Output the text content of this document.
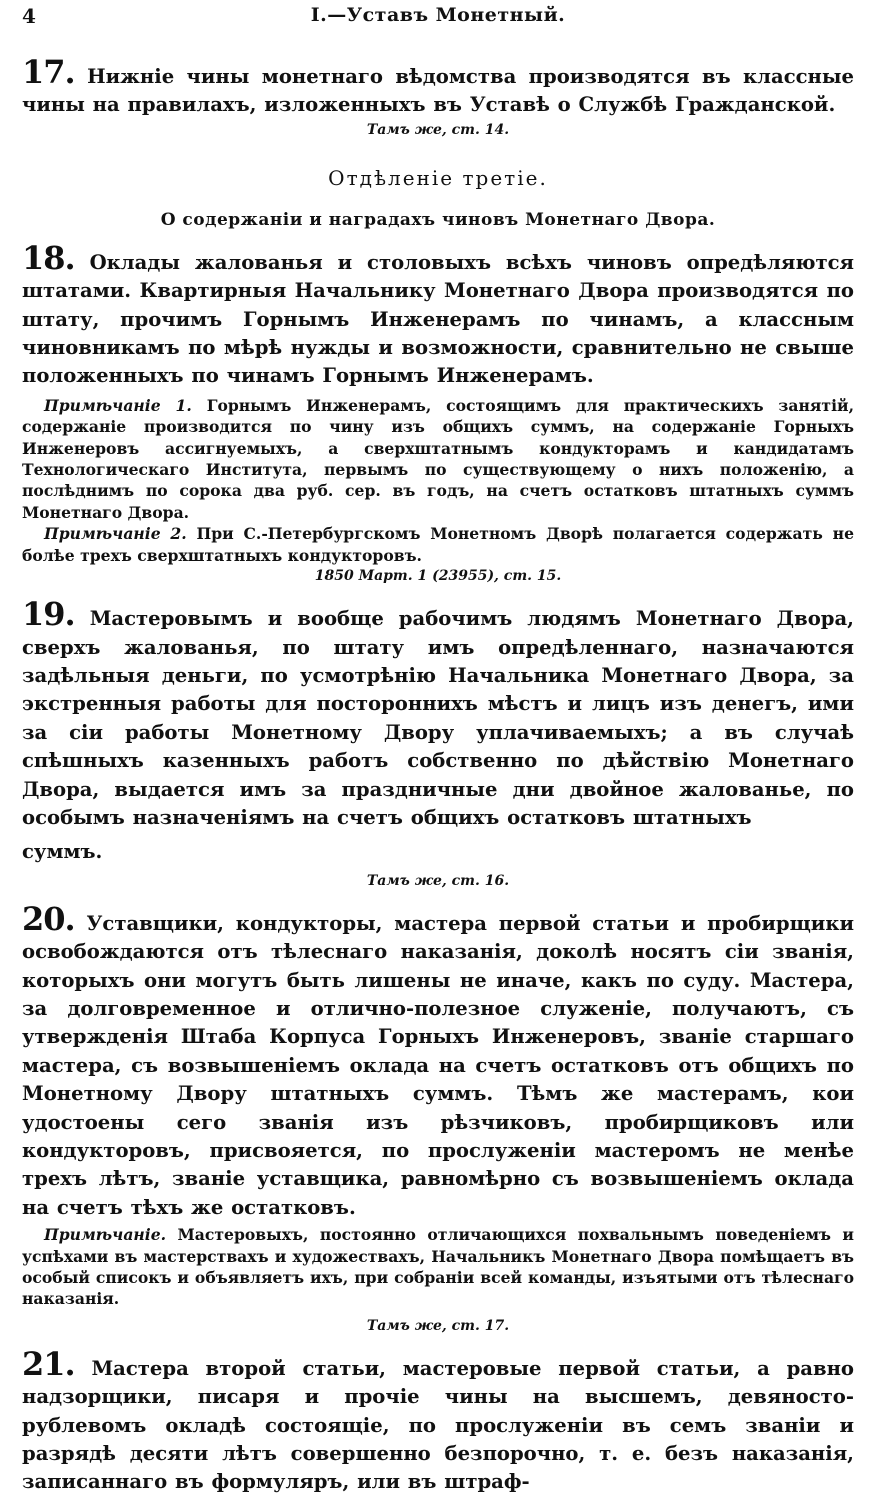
4	I.—Уставъ Монетный.

17. Нижніе чины монетнаго вѣдомства производятся въ классные чины на правилахъ, изложенныхъ въ Уставѣ о Службѣ Гражданской.

Тамъ же, ст. 14.

Отдѣленіе третіе.

О содержаніи и наградахъ чиновъ Монетнаго Двора.

18. Оклады жалованья и столовыхъ всѣхъ чиновъ опредѣляются штатами. Квартирныя Начальнику Монетнаго Двора производятся по штату, прочимъ Горнымъ Инженерамъ по чинамъ, а классным чиновникамъ по мѣрѣ нужды и возможности, сравнительно не свыше положенныхъ по чинамъ Горнымъ Инженерамъ.

Примѣчаніе 1. Горнымъ Инженерамъ, состоящимъ для практическихъ занятій, содержаніе производится по чину изъ общихъ суммъ, на содержаніе Горныхъ Инженеровъ ассигнуемыхъ, а сверхштатнымъ кондукторамъ и кандидатамъ Технологическаго Института, первымъ по существующему о нихъ положенію, а послѣднимъ по сорока два руб. сер. въ годъ, на счетъ остатковъ штатныхъ суммъ Монетнаго Двора.

Примѣчаніе 2. При С.-Петербургскомъ Монетномъ Дворѣ полагается содержать не болѣе трехъ сверхштатныхъ кондукторовъ.

1850 Март. 1 (23955), ст. 15.

19. Мастеровымъ и вообще рабочимъ людямъ Монетнаго Двора, сверхъ жалованья, по штату имъ опредѣленнаго, назначаются задѣльныя деньги, по усмотрѣнію Начальника Монетнаго Двора, за экстренныя работы для постороннихъ мѣстъ и лицъ изъ денегъ, ими за сіи работы Монетному Двору уплачиваемыхъ; а въ случаѣ спѣшныхъ казенныхъ работъ собственно по дѣйствію Монетнаго Двора, выдается имъ за праздничные дни двойное жалованье, по особымъ назначеніямъ на счетъ общихъ остатковъ штатныхъ

суммъ.

Тамъ же, ст. 16.

20. Уставщики, кондукторы, мастера первой статьи и пробирщики освобождаются отъ тѣлеснаго наказанія, доколѣ носятъ сіи званія, которыхъ они могутъ быть лишены не иначе, какъ по суду. Мастера, за долговременное и отлично-полезное служеніе, получаютъ, съ утвержденія Штаба Корпуса Горныхъ Инженеровъ, званіе старшаго мастера, съ возвышеніемъ оклада на счетъ остатковъ отъ общихъ по Монетному Двору штатныхъ суммъ. Тѣмъ же мастерамъ, кои удостоены сего званія изъ рѣзчиковъ, пробирщиковъ или кондукторовъ, присвояется, по прослуженіи мастеромъ не менѣе трехъ лѣтъ, званіе уставщика, равномѣрно съ возвышеніемъ оклада на счетъ тѣхъ же остатковъ.

Примѣчаніе. Мастеровыхъ, постоянно отличающихся похвальнымъ поведеніемъ и успѣхами въ мастерствахъ и художествахъ, Начальникъ Монетнаго Двора помѣщаетъ въ особый списокъ и объявляетъ ихъ, при собраніи всей команды, изъятыми отъ тѣлеснаго наказанія.

Тамъ же, ст. 17.

21. Мастера второй статьи, мастеровые первой статьи, а равно надзорщики, писаря и прочіе чины на высшемъ, девяносто-рублевомъ окладѣ состоящіе, по прослуженіи въ семъ званіи и разрядѣ десяти лѣтъ совершенно безпорочно, т. е. безъ наказанія, записаннаго въ формуляръ, или въ штраф-
